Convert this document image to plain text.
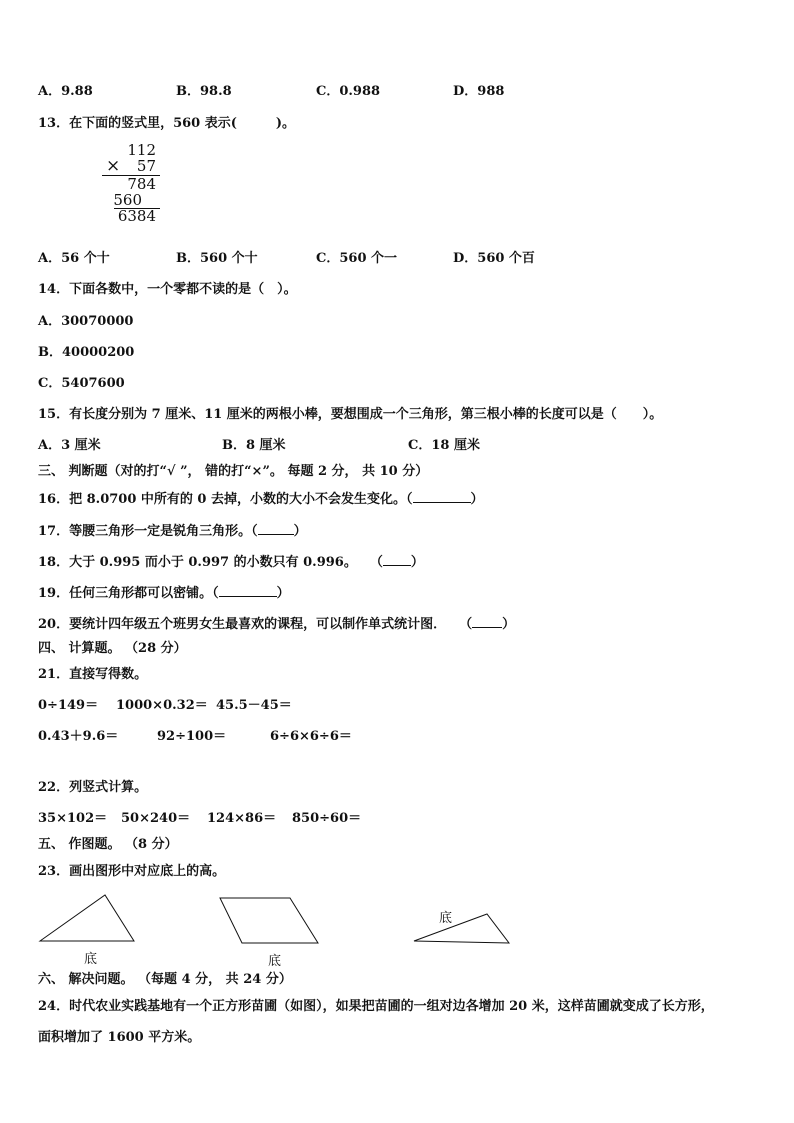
A．9.88	B．98.8	C．0.988	D．988
13．在下面的竖式里，560 表示(　　　)。
112
× 57
784
560
6384
A．56 个十	B．560 个十	C．560 个一	D．560 个百
14．下面各数中，一个零都不读的是（　）。
A．30070000
B．40000200
C．5407600
15．有长度分别为 7 厘米、11 厘米的两根小棒，要想围成一个三角形，第三根小棒的长度可以是（　　）。
A．3 厘米	B．8 厘米	C．18 厘米
三、 判断题（对的打“√ ”， 错的打“×”。 每题 2 分， 共 10 分）
16．把 8.0700 中所有的 0 去掉，小数的大小不会发生变化。（	）
17．等腰三角形一定是锐角三角形。（	）
18．大于 0.995 而小于 0.997 的小数只有 0.996。　　（ ）
19．任何三角形都可以密铺。（	）
20．要统计四年级五个班男女生最喜欢的课程，可以制作单式统计图．　　（ ）
四、 计算题。 （28 分）
21．直接写得数。
0÷149＝ 1000×0.32＝ 45.5－45＝
0.43＋9.6＝	92÷100＝	6÷6×6÷6＝
22．列竖式计算。
35×102＝ 50×240＝ 124×86＝ 850÷60＝
五、 作图题。 （8 分）
23．画出图形中对应底上的高。
底	底
底
六、 解决问题。 （每题 4 分， 共 24 分）
24．时代农业实践基地有一个正方形苗圃（如图），如果把苗圃的一组对边各增加 20 米，这样苗圃就变成了长方形，
面积增加了 1600 平方米。
